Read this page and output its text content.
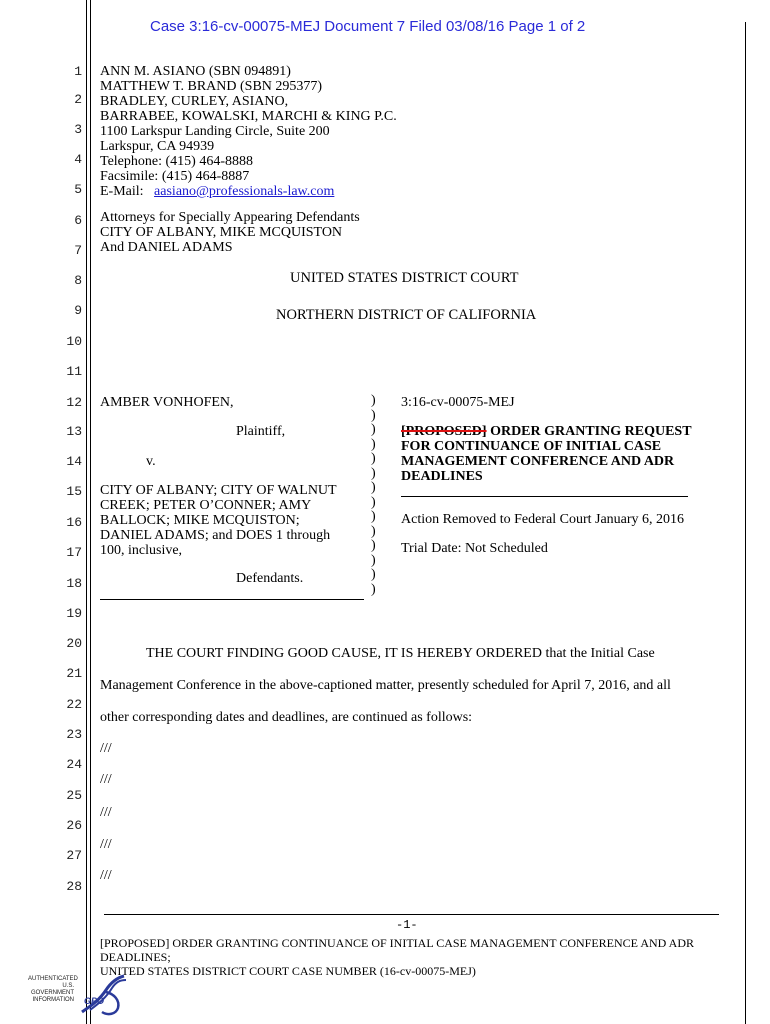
Case 3:16-cv-00075-MEJ Document 7 Filed 03/08/16 Page 1 of 2
1
2
3
4
5
6
7
8
9
10
11
12
13
14
15
16
17
18
19
20
21
22
23
24
25
26
27
28
ANN M. ASIANO (SBN 094891)
MATTHEW T. BRAND (SBN 295377)
BRADLEY, CURLEY, ASIANO,
BARRABEE, KOWALSKI, MARCHI & KING P.C.
1100 Larkspur Landing Circle, Suite 200
Larkspur, CA 94939
Telephone: (415) 464-8888
Facsimile: (415) 464-8887
E-Mail: aasiano@professionals-law.com
Attorneys for Specially Appearing Defendants
CITY OF ALBANY, MIKE MCQUISTON
And DANIEL ADAMS
UNITED STATES DISTRICT COURT
NORTHERN DISTRICT OF CALIFORNIA
AMBER VONHOFEN,
Plaintiff,
v.
CITY OF ALBANY; CITY OF WALNUT
CREEK; PETER O’CONNER; AMY
BALLOCK; MIKE MCQUISTON;
DANIEL ADAMS; and DOES 1 through
100, inclusive,
Defendants.
)
)
)
)
)
)
)
)
)
)
)
)
)
)
3:16-cv-00075-MEJ
[PROPOSED] ORDER GRANTING REQUEST
FOR CONTINUANCE OF INITIAL CASE
MANAGEMENT CONFERENCE AND ADR
DEADLINES
Action Removed to Federal Court January 6, 2016
Trial Date: Not Scheduled
THE COURT FINDING GOOD CAUSE, IT IS HEREBY ORDERED that the Initial Case
Management Conference in the above-captioned matter, presently scheduled for April 7, 2016, and all
other corresponding dates and deadlines, are continued as follows:
///
///
///
///
///
-1-
[PROPOSED] ORDER GRANTING CONTINUANCE OF INITIAL CASE MANAGEMENT CONFERENCE AND ADR
DEADLINES;
UNITED STATES DISTRICT COURT CASE NUMBER (16-cv-00075-MEJ)
AUTHENTICATED
U.S. GOVERNMENT
INFORMATION GPO
